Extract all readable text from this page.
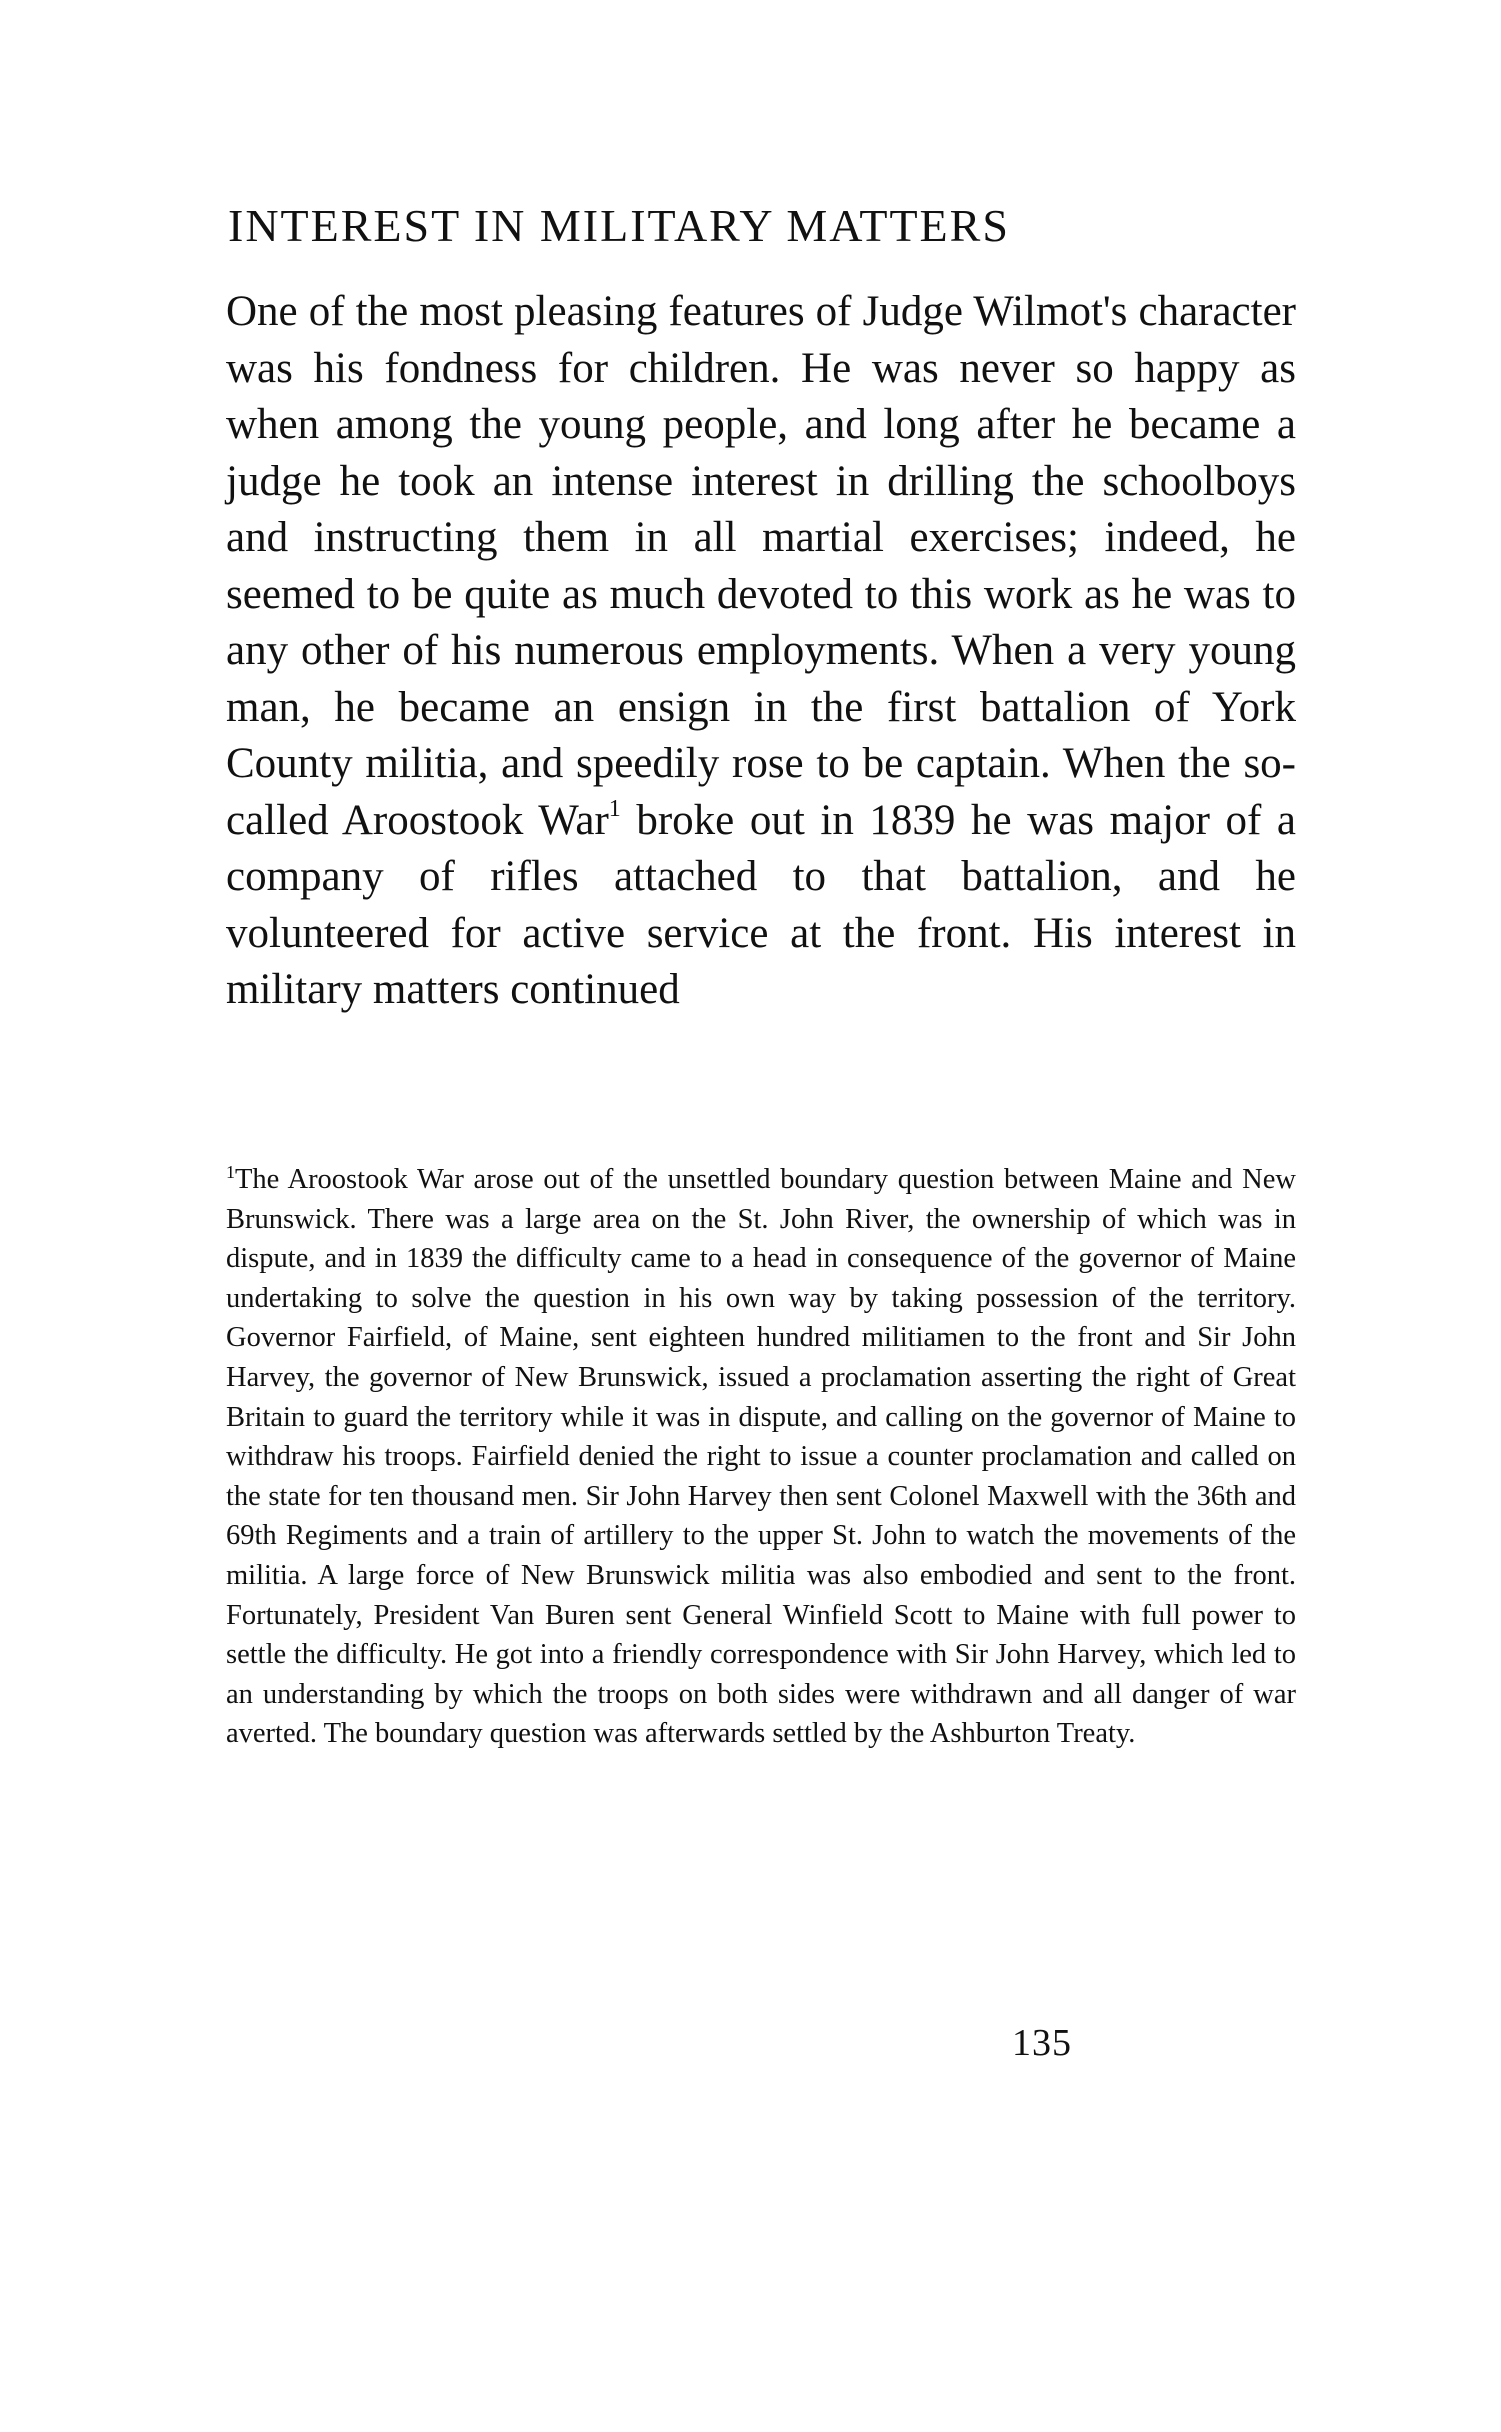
INTEREST IN MILITARY MATTERS
One of the most pleasing features of Judge Wilmot's character was his fondness for children. He was never so happy as when among the young people, and long after he became a judge he took an intense interest in drilling the schoolboys and instructing them in all martial exercises; indeed, he seemed to be quite as much devoted to this work as he was to any other of his numerous employments. When a very young man, he became an ensign in the first battalion of York County militia, and speedily rose to be captain. When the so-called Aroostook War$^1$ broke out in 1839 he was major of a company of rifles attached to that battalion, and he volunteered for active service at the front. His interest in military matters continued
$^1$The Aroostook War arose out of the unsettled boundary question between Maine and New Brunswick. There was a large area on the St. John River, the ownership of which was in dispute, and in 1839 the difficulty came to a head in consequence of the governor of Maine undertaking to solve the question in his own way by taking possession of the territory. Governor Fairfield, of Maine, sent eighteen hundred militiamen to the front and Sir John Harvey, the governor of New Brunswick, issued a proclamation asserting the right of Great Britain to guard the territory while it was in dispute, and calling on the governor of Maine to withdraw his troops. Fairfield denied the right to issue a counter proclamation and called on the state for ten thousand men. Sir John Harvey then sent Colonel Maxwell with the 36th and 69th Regiments and a train of artillery to the upper St. John to watch the movements of the militia. A large force of New Brunswick militia was also embodied and sent to the front. Fortunately, President Van Buren sent General Winfield Scott to Maine with full power to settle the difficulty. He got into a friendly correspondence with Sir John Harvey, which led to an understanding by which the troops on both sides were withdrawn and all danger of war averted. The boundary question was afterwards settled by the Ashburton Treaty.
135
